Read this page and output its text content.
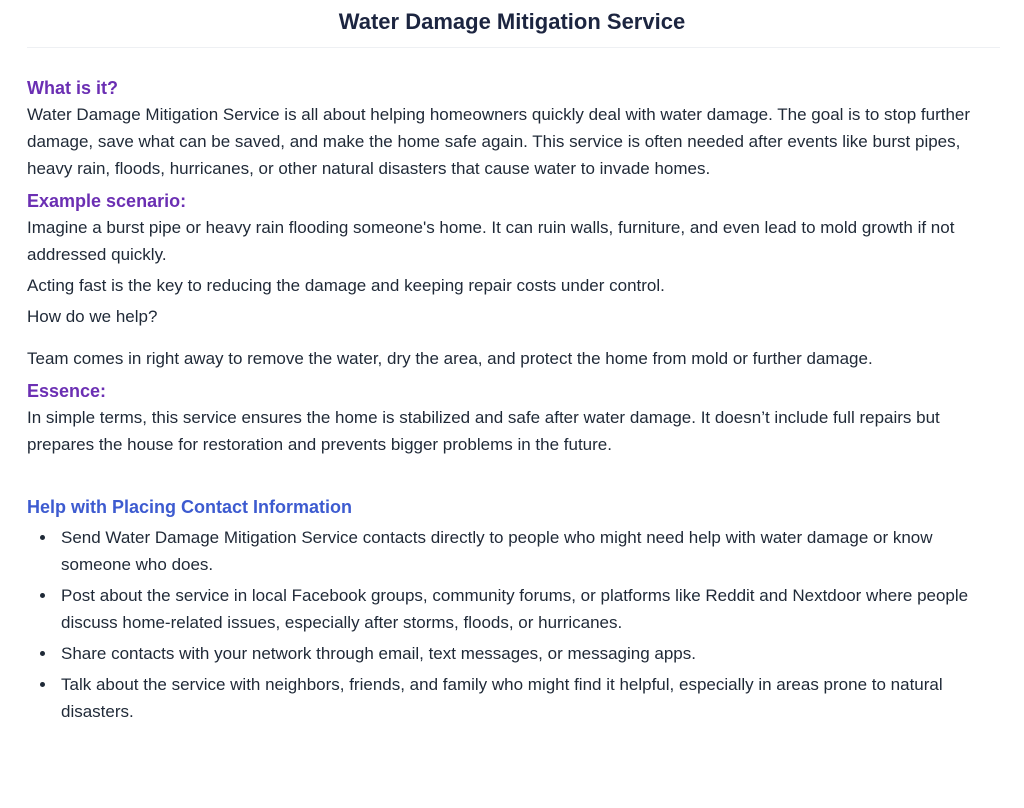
Water Damage Mitigation Service
What is it?

Water Damage Mitigation Service is all about helping homeowners quickly deal with water damage. The goal is to stop further damage, save what can be saved, and make the home safe again. This service is often needed after events like burst pipes, heavy rain, floods, hurricanes, or other natural disasters that cause water to invade homes.

Example scenario:

Imagine a burst pipe or heavy rain flooding someone's home. It can ruin walls, furniture, and even lead to mold growth if not addressed quickly.

Acting fast is the key to reducing the damage and keeping repair costs under control.

How do we help?

Team comes in right away to remove the water, dry the area, and protect the home from mold or further damage.

Essence:

In simple terms, this service ensures the home is stabilized and safe after water damage. It doesn’t include full repairs but prepares the house for restoration and prevents bigger problems in the future.

Help with Placing Contact Information
Send Water Damage Mitigation Service contacts directly to people who might need help with water damage or know someone who does.
Post about the service in local Facebook groups, community forums, or platforms like Reddit and Nextdoor where people discuss home-related issues, especially after storms, floods, or hurricanes.
Share contacts with your network through email, text messages, or messaging apps.
Talk about the service with neighbors, friends, and family who might find it helpful, especially in areas prone to natural disasters.
